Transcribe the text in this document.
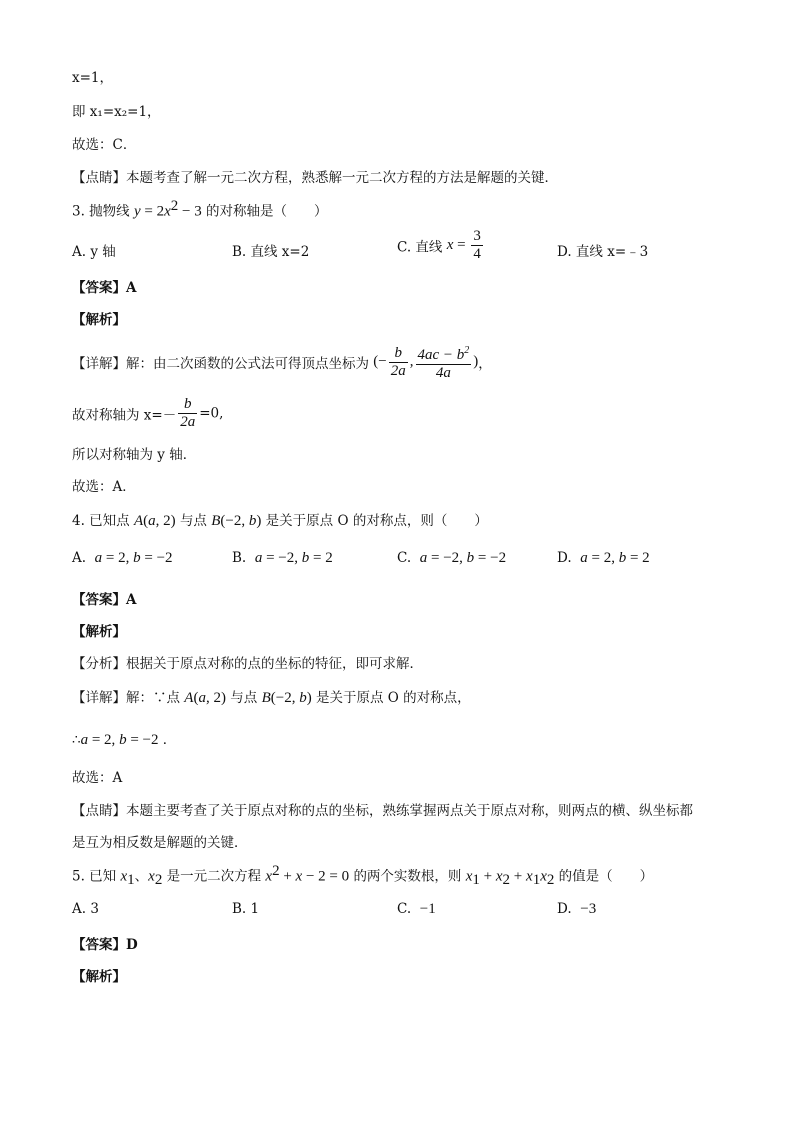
x=1，
即 x₁=x₂=1，
故选：C．
【点睛】本题考查了解一元二次方程，熟悉解一元二次方程的方法是解题的关键．
3. 抛物线 $y = 2x^2 - 3$ 的对称轴是（　　）
A. y 轴	B. 直线 x=2	C. 直线 $x = \frac{3}{4}$	D. 直线 x=﹣3
【答案】A
【解析】
【详解】解：由二次函数的公式法可得顶点坐标为 (− $\frac{b}{2a}$ , $\frac{4ac - b^2}{4a}$ )，
故对称轴为 $x=- \frac{b}{2a} =0$,
所以对称轴为 y 轴．
故选：A．
4. 已知点 A(a, 2) 与点 B(−2, b) 是关于原点 O 的对称点，则（　　）
A. a = 2, b = −2	B. a = −2, b = 2	C. a = −2, b = −2	D. a = 2, b = 2
【答案】A
【解析】
【分析】根据关于原点对称的点的坐标的特征，即可求解．
【详解】解：∵点 A(a, 2) 与点 B(−2, b) 是关于原点 O 的对称点，
∴a = 2, b = −2 ．
故选：A
【点睛】本题主要考查了关于原点对称的点的坐标，熟练掌握两点关于原点对称，则两点的横、纵坐标都
是互为相反数是解题的关键．
5. 已知 $x_1$、$x_2$ 是一元二次方程 $x^2 + x - 2 = 0$ 的两个实数根，则 $x_1 + x_2 + x_1x_2$ 的值是（　　）
A. 3	B. 1	C. −1	D. −3
【答案】D
【解析】
